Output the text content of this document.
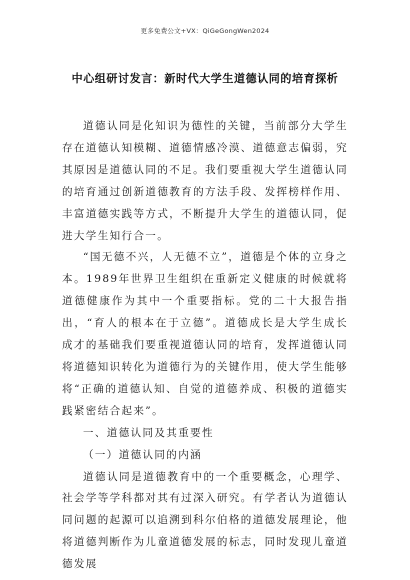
更多免费公文+VX：QiGeGongWen2024
中心组研讨发言：新时代大学生道德认同的培育探析

道德认同是化知识为德性的关键，当前部分大学生存在道德认知模糊、道德情感冷漠、道德意志偏弱，究其原因是道德认同的不足。我们要重视大学生道德认同的培育通过创新道德教育的方法手段、发挥榜样作用、丰富道德实践等方式，不断提升大学生的道德认同，促进大学生知行合一。

“国无德不兴，人无德不立”，道德是个体的立身之本。1989年世界卫生组织在重新定义健康的时候就将道德健康作为其中一个重要指标。党的二十大报告指出，“育人的根本在于立德”。道德成长是大学生成长成才的基础我们要重视道德认同的培育，发挥道德认同将道德知识转化为道德行为的关键作用，使大学生能够将“正确的道德认知、自觉的道德养成、积极的道德实践紧密结合起来”。

一、道德认同及其重要性

（一）道德认同的内涵

道德认同是道德教育中的一个重要概念，心理学、社会学等学科都对其有过深入研究。有学者认为道德认同问题的起源可以追溯到科尔伯格的道德发展理论，他将道德判断作为儿童道德发展的标志，同时发现儿童道德发展
